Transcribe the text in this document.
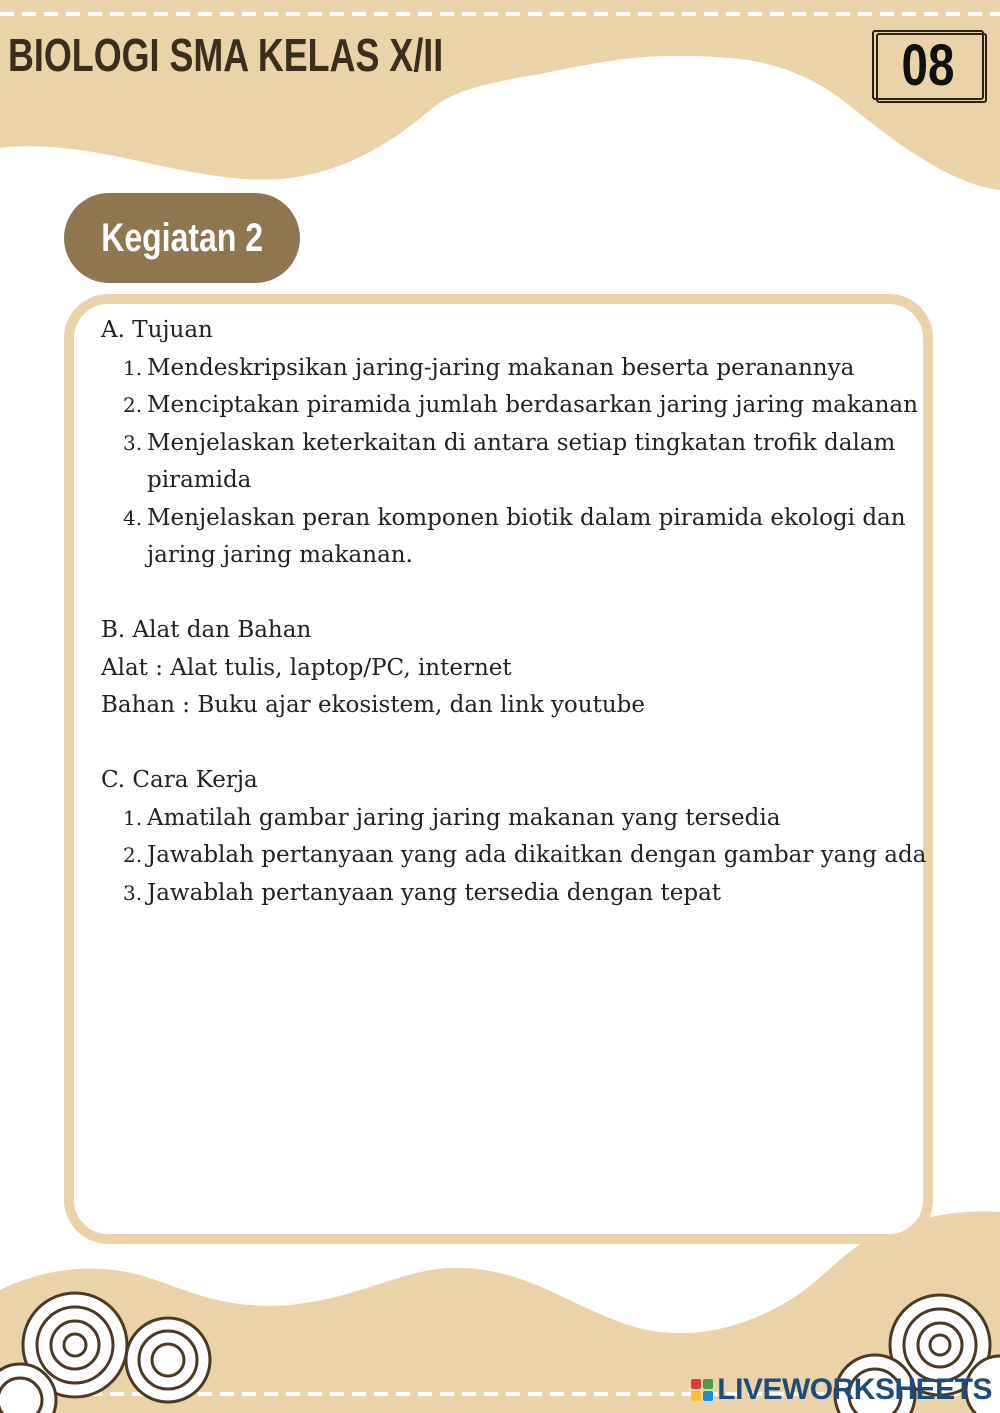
BIOLOGI SMA KELAS X/II	08
Kegiatan 2
A. Tujuan
1. Mendeskripsikan jaring-jaring makanan beserta peranannya
2. Menciptakan piramida jumlah berdasarkan jaring jaring makanan
3. Menjelaskan keterkaitan di antara setiap tingkatan trofik dalam
piramida
4. Menjelaskan peran komponen biotik dalam piramida ekologi dan
jaring jaring makanan.
B. Alat dan Bahan
Alat : Alat tulis, laptop/PC, internet
Bahan : Buku ajar ekosistem, dan link youtube
C. Cara Kerja
1. Amatilah gambar jaring jaring makanan yang tersedia
2. Jawablah pertanyaan yang ada dikaitkan dengan gambar yang ada
3. Jawablah pertanyaan yang tersedia dengan tepat
LIVEWORKSHEETS
